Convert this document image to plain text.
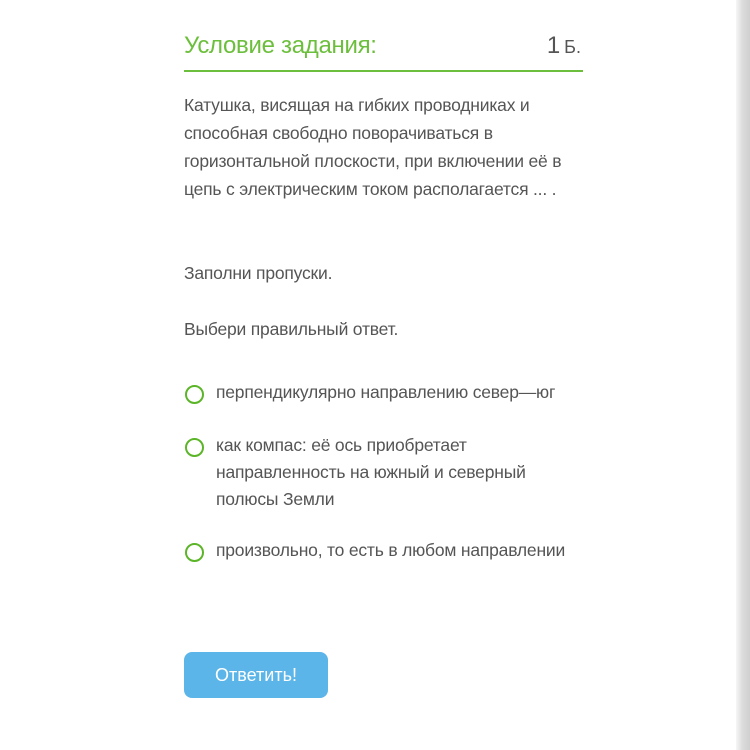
Условие задания:	1 Б.
Катушка, висящая на гибких проводниках и способная свободно поворачиваться в горизонтальной плоскости, при включении её в цепь с электрическим током располагается ... .
Заполни пропуски.
Выбери правильный ответ.
перпендикулярно направлению север—юг
как компас: её ось приобретает направленность на южный и северный полюсы Земли
произвольно, то есть в любом направлении
Ответить!
